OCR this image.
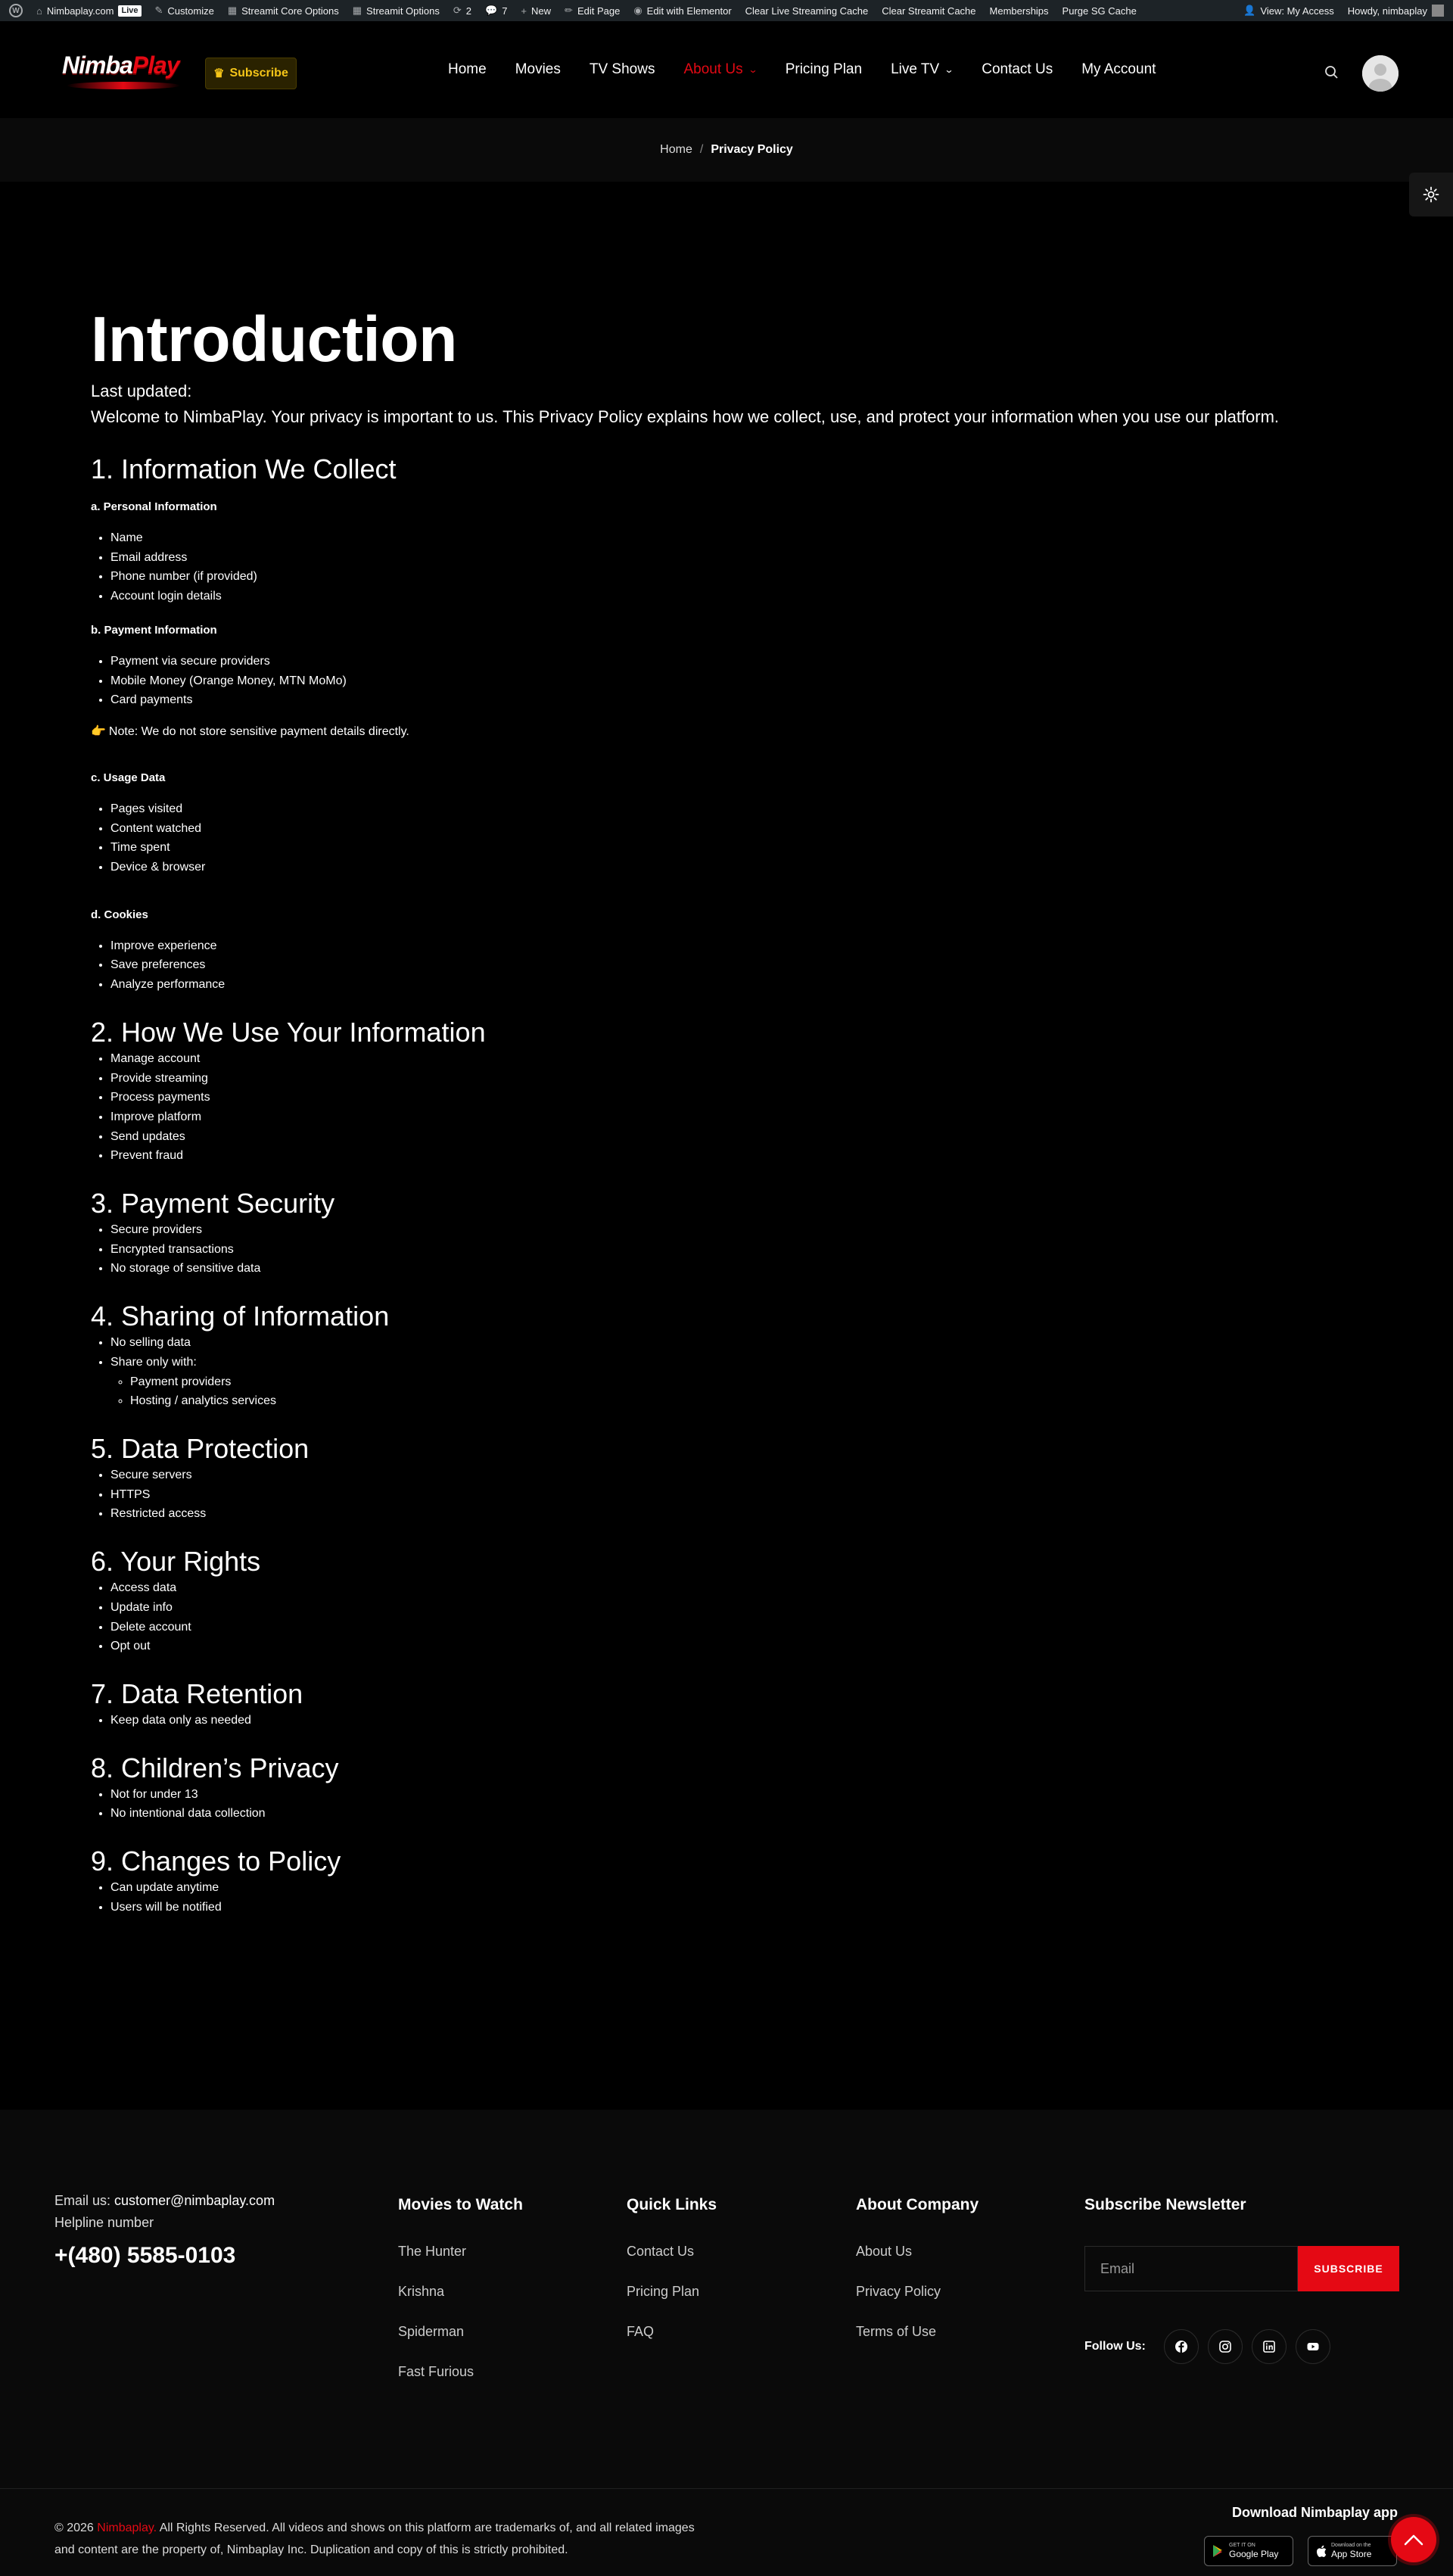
W	⌂ Nimbaplay.com Live	✎ Customize ▦ Streamit Core Options ▦ Streamit Options ⟳ 2 💬 7 + New ✏ Edit Page ◉ Edit with Elementor Clear Live Streaming Cache Clear Streamit Cache Memberships Purge SG Cache	👤 View: My Access Howdy, nimbaplay
NimbaPlay	♛ Subscribe	Home Movies TV Shows About Us ⌄ Pricing Plan Live TV ⌄ Contact Us My Account
Home / Privacy Policy
Introduction

Last updated:

Welcome to NimbaPlay. Your privacy is important to us. This Privacy Policy explains how we collect, use, and protect your information when you use our platform.

1. Information We Collect
a. Personal Information
• Name
• Email address
• Phone number (if provided)
• Account login details
b. Payment Information
• Payment via secure providers
• Mobile Money (Orange Money, MTN MoMo)
• Card payments
👉 Note: We do not store sensitive payment details directly.
c. Usage Data
• Pages visited
• Content watched
• Time spent
• Device & browser
d. Cookies
• Improve experience
• Save preferences
• Analyze performance
2. How We Use Your Information
• Manage account
• Provide streaming
• Process payments
• Improve platform
• Send updates
• Prevent fraud
3. Payment Security
• Secure providers
• Encrypted transactions
• No storage of sensitive data
4. Sharing of Information
• No selling data
• Share only with:
◦ Payment providers
◦ Hosting / analytics services
5. Data Protection
• Secure servers
• HTTPS
• Restricted access
6. Your Rights
• Access data
• Update info
• Delete account
• Opt out
7. Data Retention
• Keep data only as needed
8. Children’s Privacy
• Not for under 13
• No intentional data collection
9. Changes to Policy
• Can update anytime
• Users will be notified
Email us: customer@nimbaplay.com
Helpline number
+(480) 5585-0103
Movies to Watch
The Hunter
Krishna
Spiderman
Fast Furious
Quick Links
Contact Us
Pricing Plan
FAQ
About Company
About Us
Privacy Policy
Terms of Use
Subscribe Newsletter
Email	SUBSCRIBE
Follow Us:
© 2026 Nimbaplay. All Rights Reserved. All videos and shows on this platform are trademarks of, and all related images and content are the property of, Nimbaplay Inc. Duplication and copy of this is strictly prohibited.
Download Nimbaplay app
GET IT ON
Google Play
Download on the
App Store
